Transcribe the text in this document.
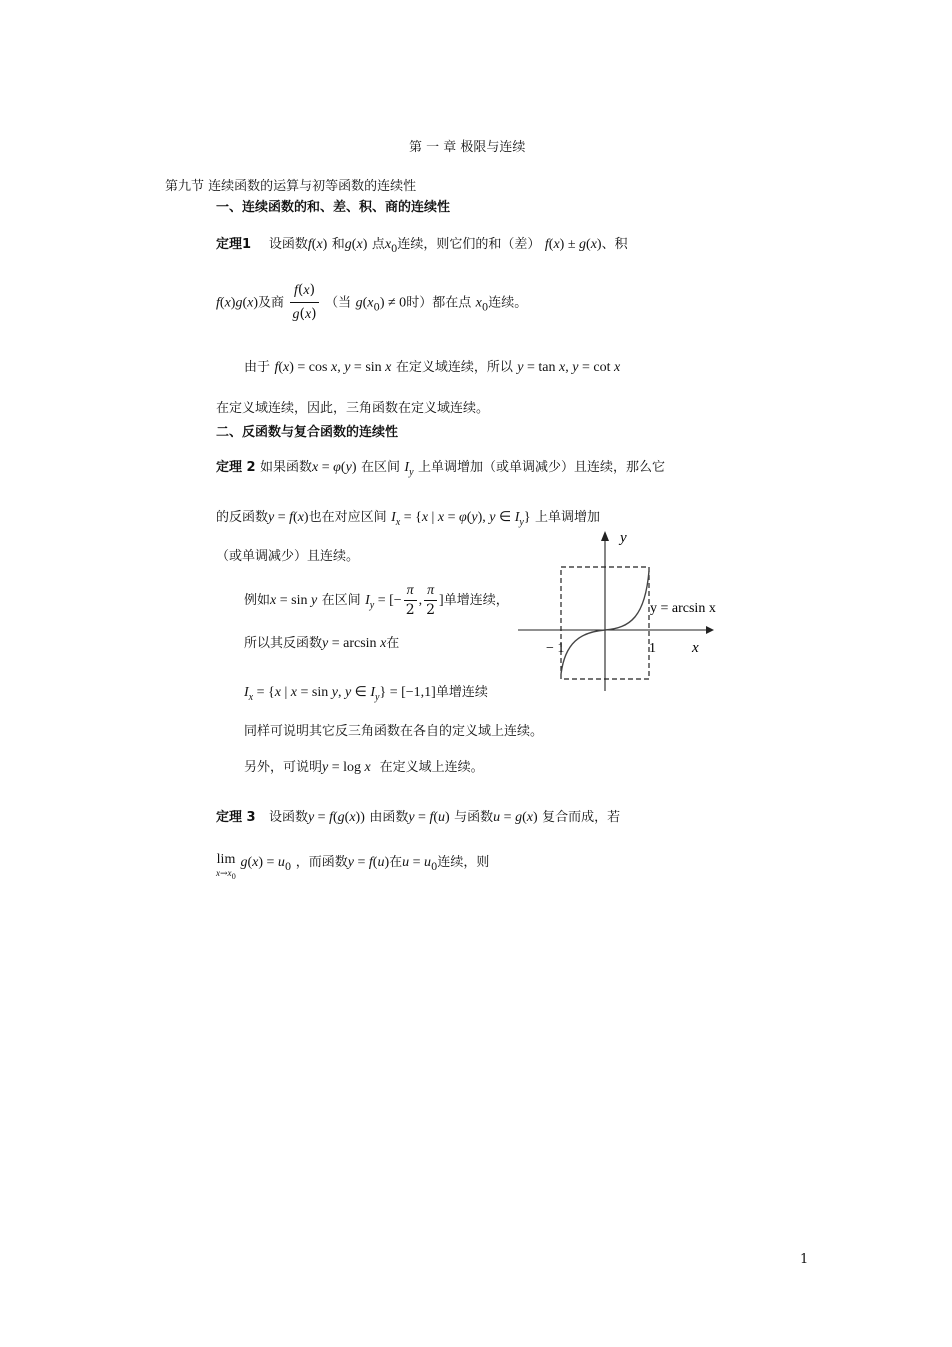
第 一 章 极限与连续
第九节 连续函数的运算与初等函数的连续性
一、连续函数的和、差、积、商的连续性
定理1 设函数f(x) 和g(x) 点$x_0$连续，则它们的和（差） f(x) ± g(x)、积
f(x)g(x)及商 $\frac{f(x)}{g(x)}$ （当 $g(x_0) \ne 0$时）都在点 $x_0$连续。
由于 f(x) = cos x, y = sin x 在定义域连续，所以 y = tan x, y = cot x
在定义域连续，因此，三角函数在定义域连续。
二、反函数与复合函数的连续性
定理 2 如果函数x = φ(y) 在区间 $I_y$ 上单调增加（或单调减少）且连续，那么它
的反函数y = f(x)也在对应区间 $I_x = \{x$ | x = φ(y), y ∈ $I_y$} 上单调增加
（或单调减少）且连续。
例如x = sin y 在区间 $I_y$ = [− $\frac{\pi}{2}$ , $\frac{\pi}{2}$ ]单增连续，
所以其反函数y = arcsin x在
$I_x = \{x$ | x = sin y, y ∈ $I_y\} = [-1,1]$单增连续
同样可说明其它反三角函数在各自的定义域上连续。
另外，可说明y = log x 在定义域上连续。
y
x
y = arcsin x
− 1	1
定理 3 设函数y = f(g(x)) 由函数y = f(u) 与函数u = g(x) 复合而成，若
lim
$x\to x_0$
$g(x) = u_0$ ，而函数y = f(u)在$u = u_0$连续，则
1
